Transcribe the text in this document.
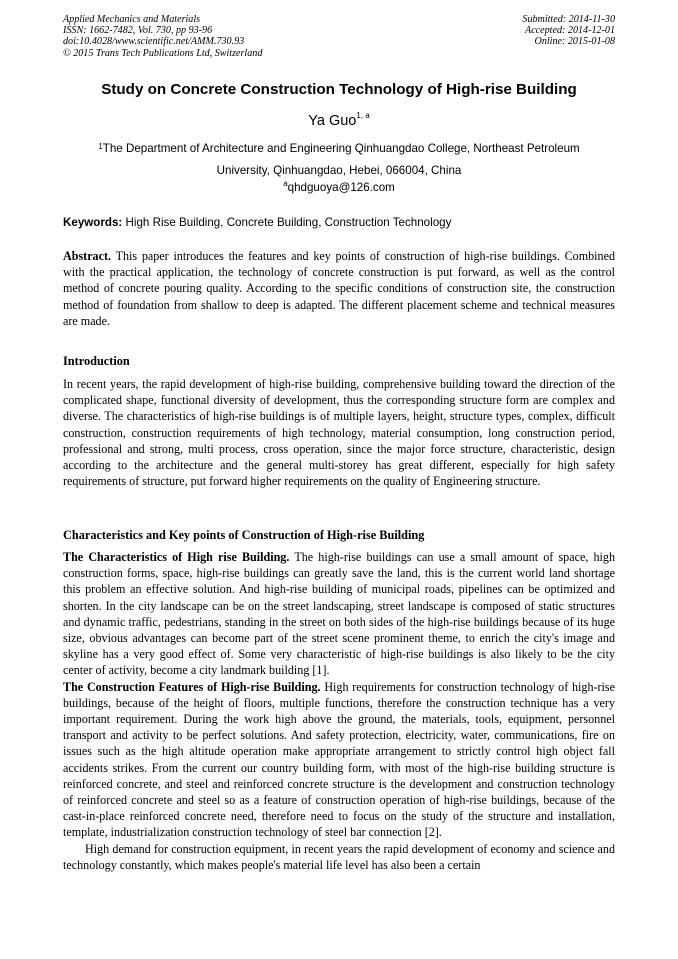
Applied Mechanics and Materials
ISSN: 1662-7482, Vol. 730, pp 93-96
doi:10.4028/www.scientific.net/AMM.730.93
© 2015 Trans Tech Publications Ltd, Switzerland
Submitted: 2014-11-30
Accepted: 2014-12-01
Online: 2015-01-08
Study on Concrete Construction Technology of High-rise Building
Ya Guo$^{1, a}$
$^1$The Department of Architecture and Engineering Qinhuangdao College, Northeast Petroleum
University, Qinhuangdao, Hebei, 066004, China
$^a$qhdguoya@126.com
Keywords: High Rise Building, Concrete Building, Construction Technology
Abstract. This paper introduces the features and key points of construction of high-rise buildings. Combined with the practical application, the technology of concrete construction is put forward, as well as the control method of concrete pouring quality. According to the specific conditions of construction site, the construction method of foundation from shallow to deep is adapted. The different placement scheme and technical measures are made.
Introduction
In recent years, the rapid development of high-rise building, comprehensive building toward the direction of the complicated shape, functional diversity of development, thus the corresponding structure form are complex and diverse. The characteristics of high-rise buildings is of multiple layers, height, structure types, complex, difficult construction, construction requirements of high technology, material consumption, long construction period, professional and strong, multi process, cross operation, since the major force structure, characteristic, design according to the architecture and the general multi-storey has great different, especially for high safety requirements of structure, put forward higher requirements on the quality of Engineering structure.
Characteristics and Key points of Construction of High-rise Building

The Characteristics of High rise Building. The high-rise buildings can use a small amount of space, high construction forms, space, high-rise buildings can greatly save the land, this is the current world land shortage this problem an effective solution. And high-rise building of municipal roads, pipelines can be optimized and shorten. In the city landscape can be on the street landscaping, street landscape is composed of static structures and dynamic traffic, pedestrians, standing in the street on both sides of the high-rise buildings because of its huge size, obvious advantages can become part of the street scene prominent theme, to enrich the city's image and skyline has a very good effect of. Some very characteristic of high-rise buildings is also likely to be the city center of activity, become a city landmark building [1].

The Construction Features of High-rise Building. High requirements for construction technology of high-rise buildings, because of the height of floors, multiple functions, therefore the construction technique has a very important requirement. During the work high above the ground, the materials, tools, equipment, personnel transport and activity to be perfect solutions. And safety protection, electricity, water, communications, fire on issues such as the high altitude operation make appropriate arrangement to strictly control high object fall accidents strikes. From the current our country building form, with most of the high-rise building structure is reinforced concrete, and steel and reinforced concrete structure is the development and construction technology of reinforced concrete and steel so as a feature of construction operation of high-rise buildings, because of the cast-in-place reinforced concrete need, therefore need to focus on the study of the structure and installation, template, industrialization construction technology of steel bar connection [2].

High demand for construction equipment, in recent years the rapid development of economy and science and technology constantly, which makes people's material life level has also been a certain
